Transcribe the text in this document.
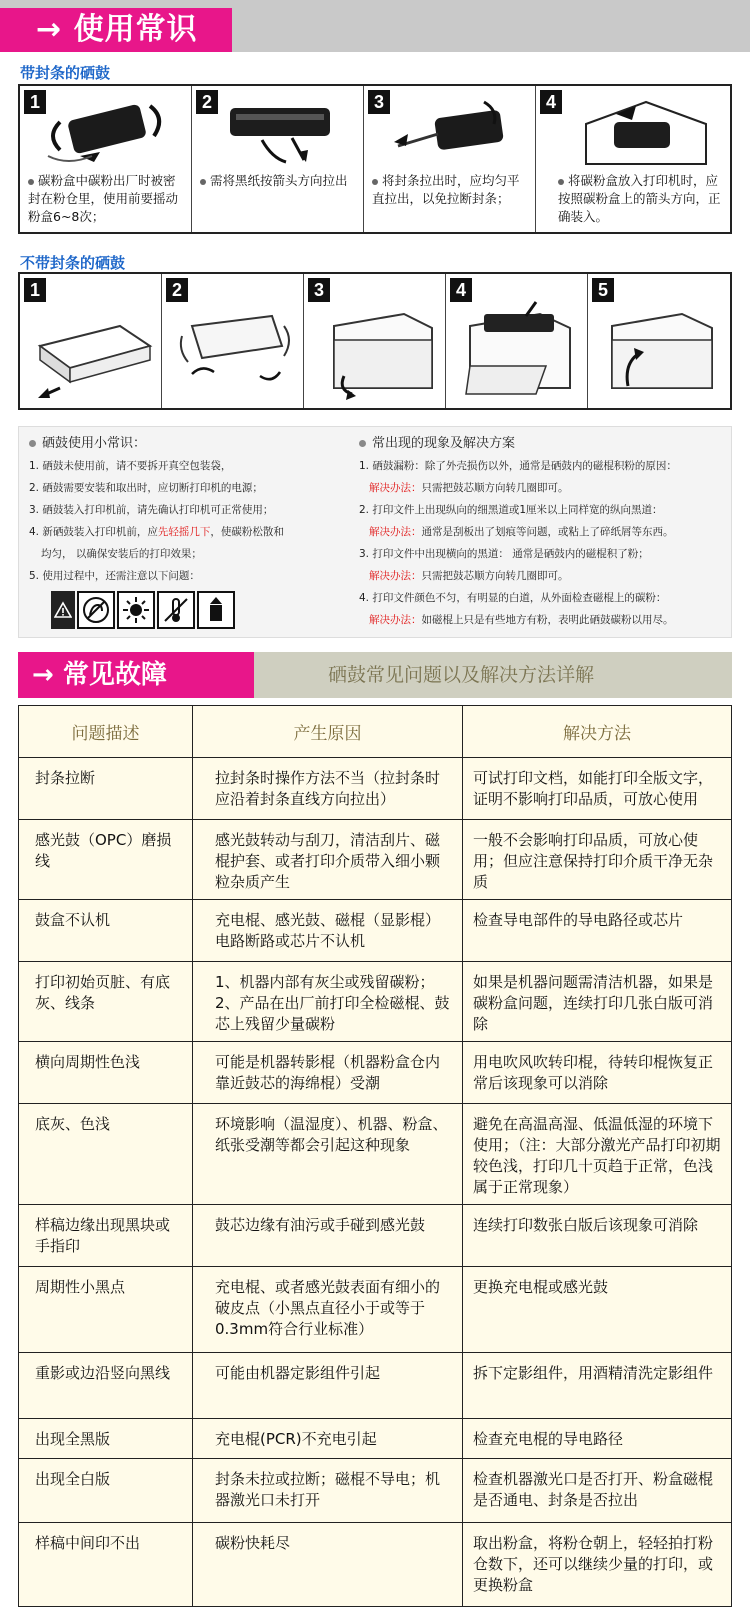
→ 使用常识
带封条的硒鼓
1
碳粉盒中碳粉出厂时被密封在粉仓里，使用前要摇动粉盒6~8次；
2
需将黑纸按箭头方向拉出
3
将封条拉出时，应均匀平直拉出，以免拉断封条；
4
将碳粉盒放入打印机时，应按照碳粉盒上的箭头方向，正确装入。
不带封条的硒鼓
1	2	3	4	5
硒鼓使用小常识：
1. 硒鼓未使用前，请不要拆开真空包装袋，
2. 硒鼓需要安装和取出时，应切断打印机的电源；
3. 硒鼓装入打印机前，请先确认打印机可正常使用；
4. 新硒鼓装入打印机前，应先轻摇几下，使碳粉松散和
均匀， 以确保安装后的打印效果；
5. 使用过程中，还需注意以下问题：
常出现的现象及解决方案
1. 硒鼓漏粉：除了外壳损伤以外，通常是硒鼓内的磁棍积粉的原因：
解决办法：只需把鼓芯顺方向转几圈即可。
2. 打印文件上出现纵向的细黑道或1厘米以上同样宽的纵向黑道：
解决办法：通常是刮板出了划痕等问题，或粘上了碎纸屑等东西。
3. 打印文件中出现横向的黑道： 通常是硒鼓内的磁棍积了粉；
解决办法：只需把鼓芯顺方向转几圈即可。
4. 打印文件颜色不匀，有明显的白道，从外面检查磁棍上的碳粉：
解决办法：如磁棍上只是有些地方有粉，表明此硒鼓碳粉以用尽。
→ 常见故障	硒鼓常见问题以及解决方法详解
问题描述	产生原因	解决方法
封条拉断	拉封条时操作方法不当（拉封条时应沿着封条直线方向拉出）	可试打印文档，如能打印全版文字，证明不影响打印品质，可放心使用
感光鼓（OPC）磨损线	感光鼓转动与刮刀，清洁刮片、磁棍护套、或者打印介质带入细小颗粒杂质产生	一般不会影响打印品质，可放心使用；但应注意保持打印介质干净无杂质
鼓盒不认机	充电棍、感光鼓、磁棍（显影棍）电路断路或芯片不认机	检查导电部件的导电路径或芯片
打印初始页脏、有底灰、线条	1、机器内部有灰尘或残留碳粉；2、产品在出厂前打印全检磁棍、鼓芯上残留少量碳粉	如果是机器问题需清洁机器，如果是碳粉盒问题，连续打印几张白版可消除
横向周期性色浅	可能是机器转影棍（机器粉盒仓内靠近鼓芯的海绵棍）受潮	用电吹风吹转印棍，待转印棍恢复正常后该现象可以消除
底灰、色浅	环境影响（温湿度）、机器、粉盒、纸张受潮等都会引起这种现象	避免在高温高湿、低温低湿的环境下使用；（注：大部分激光产品打印初期较色浅，打印几十页趋于正常，色浅属于正常现象）
样稿边缘出现黑块或手指印	鼓芯边缘有油污或手碰到感光鼓	连续打印数张白版后该现象可消除
周期性小黑点	充电棍、或者感光鼓表面有细小的破皮点（小黑点直径小于或等于0.3mm符合行业标准）	更换充电棍或感光鼓
重影或边沿竖向黑线	可能由机器定影组件引起	拆下定影组件，用酒精清洗定影组件
出现全黑版	充电棍(PCR)不充电引起	检查充电棍的导电路径
出现全白版	封条未拉或拉断；磁棍不导电；机器激光口未打开	检查机器激光口是否打开、粉盒磁棍是否通电、封条是否拉出
样稿中间印不出	碳粉快耗尽	取出粉盒，将粉仓朝上，轻轻拍打粉仓数下，还可以继续少量的打印，或更换粉盒
